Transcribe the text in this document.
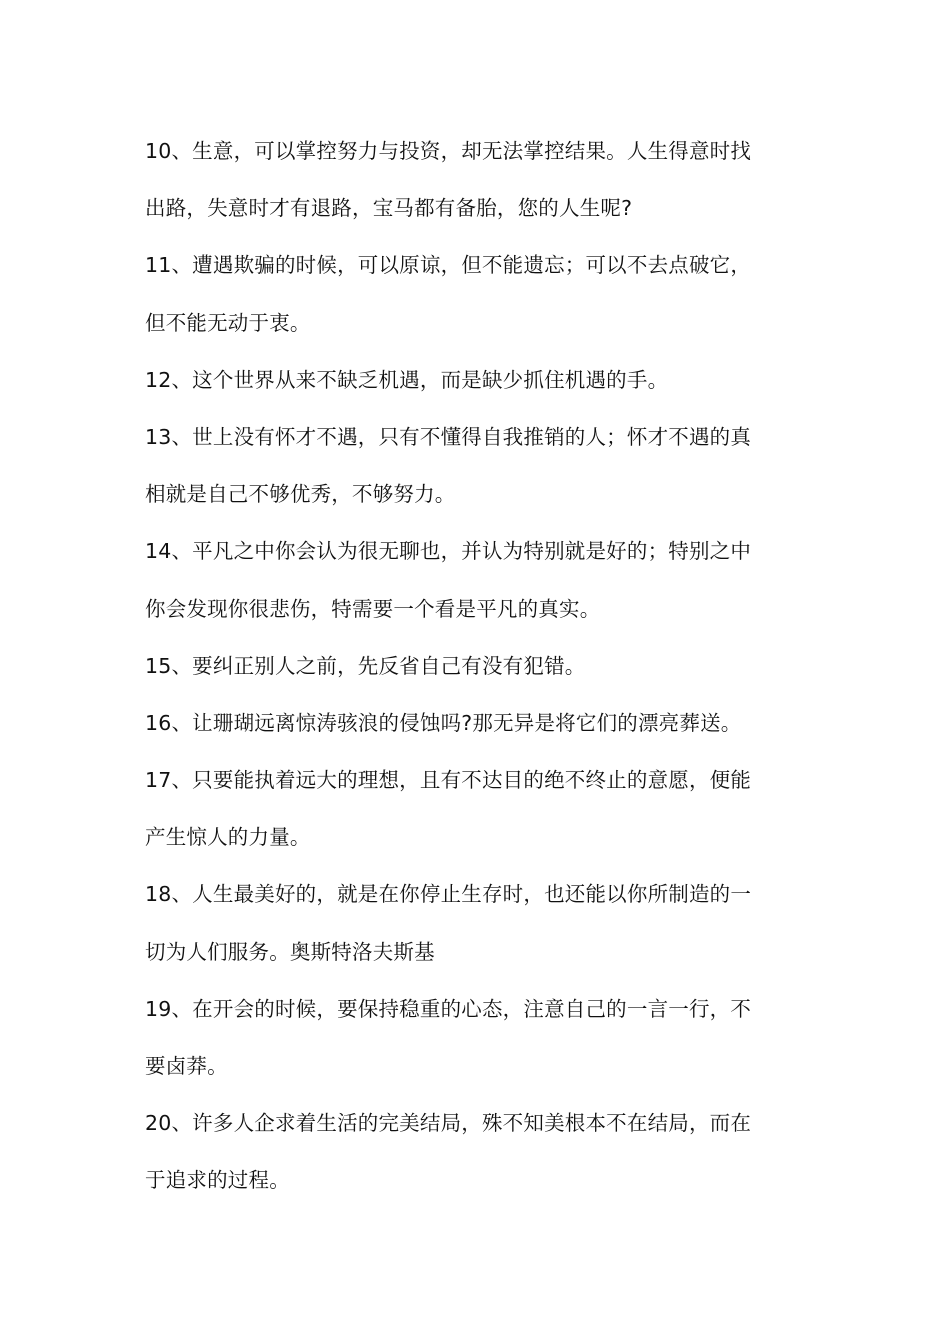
10、生意，可以掌控努力与投资，却无法掌控结果。人生得意时找
出路，失意时才有退路，宝马都有备胎，您的人生呢?
11、遭遇欺骗的时候，可以原谅，但不能遗忘；可以不去点破它，
但不能无动于衷。
12、这个世界从来不缺乏机遇，而是缺少抓住机遇的手。
13、世上没有怀才不遇，只有不懂得自我推销的人；怀才不遇的真
相就是自己不够优秀，不够努力。
14、平凡之中你会认为很无聊也，并认为特别就是好的；特别之中
你会发现你很悲伤，特需要一个看是平凡的真实。
15、要纠正别人之前，先反省自己有没有犯错。
16、让珊瑚远离惊涛骇浪的侵蚀吗?那无异是将它们的漂亮葬送。
17、只要能执着远大的理想，且有不达目的绝不终止的意愿，便能
产生惊人的力量。
18、人生最美好的，就是在你停止生存时，也还能以你所制造的一
切为人们服务。奥斯特洛夫斯基
19、在开会的时候，要保持稳重的心态，注意自己的一言一行，不
要卤莽。
20、许多人企求着生活的完美结局，殊不知美根本不在结局，而在
于追求的过程。
